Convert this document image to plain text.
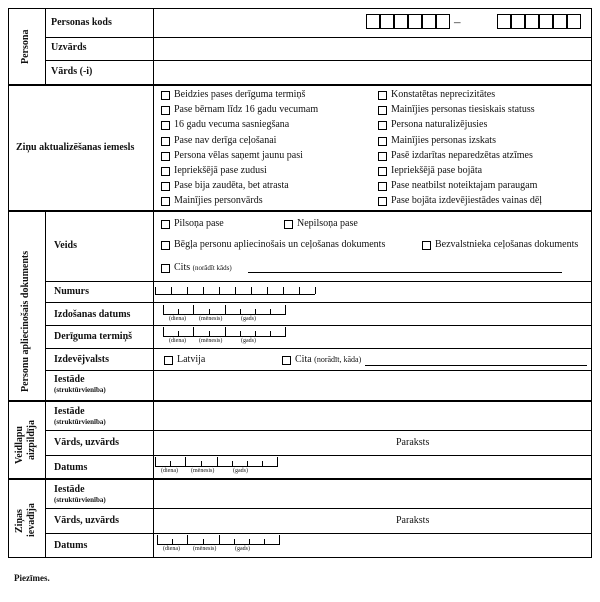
Persona
Personas kods	–
Uzvārds
Vārds (-i)
Ziņu aktualizēšanas iemesls
Beidzies pases derīguma termiņš
Pase bērnam līdz 16 gadu vecumam
16 gadu vecuma sasniegšana
Pase nav derīga ceļošanai
Persona vēlas saņemt jaunu pasi
Iepriekšējā pase zudusi
Pase bija zaudēta, bet atrasta
Mainījies personvārds
Konstatētas neprecizitātes
Mainījies personas tiesiskais statuss
Persona naturalizējusies
Mainījies personas izskats
Pasē izdarītas neparedzētas atzīmes
Iepriekšējā pase bojāta
Pase neatbilst noteiktajam paraugam
Pase bojāta izdevējiestādes vainas dēļ
Personu apliecinošais dokuments
Veids
Pilsoņa pase	Nepilsoņa pase
Bēgļa personu apliecinošais un ceļošanas dokuments	Bezvalstnieka ceļošanas dokuments
Cits (norādīt kāds)
Numurs
Izdošanas datums	(diena) (mēnesis)	(gads)
Derīguma termiņš	(diena) (mēnesis)	(gads)
Izdevējvalsts	Latvija	Cita (norādīt, kāda)
Iestāde
(struktūrvienība)
Veidlapu aizpildīja
Iestāde
(struktūrvienība)
Vārds, uzvārds	Paraksts
Datums	(diena) (mēnesis)	(gads)
Ziņas ievadīja
Iestāde
(struktūrvienība)
Vārds, uzvārds	Paraksts
Datums	(diena) (mēnesis)	(gads)
Piezīmes.
